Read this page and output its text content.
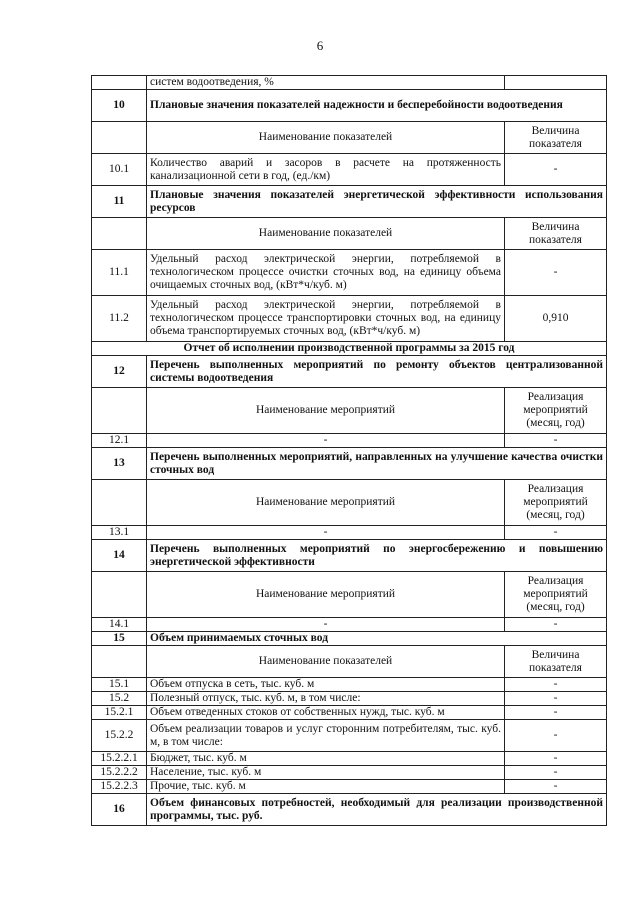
6
	систем водоотведения, %	
10	Плановые значения показателей надежности и бесперебойности водоотведения	
	Наименование показателей	Величина показателя
10.1	Количество аварий и засоров в расчете на протяженность канализационной сети в год, (ед./км)	-
11	Плановые значения показателей энергетической эффективности использования ресурсов	
	Наименование показателей	Величина показателя
11.1	Удельный расход электрической энергии, потребляемой в технологическом процессе очистки сточных вод, на единицу объема очищаемых сточных вод, (кВт*ч/куб. м)	-
11.2	Удельный расход электрической энергии, потребляемой в технологическом процессе транспортировки сточных вод, на единицу объема транспортируемых сточных вод, (кВт*ч/куб. м)	0,910
Отчет об исполнении производственной программы за 2015 год		
12	Перечень выполненных мероприятий по ремонту объектов централизованной системы водоотведения	
	Наименование мероприятий	Реализация мероприятий (месяц, год)
12.1	-	-
13	Перечень выполненных мероприятий, направленных на улучшение качества очистки сточных вод	
	Наименование мероприятий	Реализация мероприятий (месяц, год)
13.1	-	-
14	Перечень выполненных мероприятий по энергосбережению и повышению энергетической эффективности	
	Наименование мероприятий	Реализация мероприятий (месяц, год)
14.1	-	-
15	Объем принимаемых сточных вод	
	Наименование показателей	Величина показателя
15.1	Объем отпуска в сеть, тыс. куб. м	-
15.2	Полезный отпуск, тыс. куб. м, в том числе:	-
15.2.1	Объем отведенных стоков от собственных нужд, тыс. куб. м	-
15.2.2	Объем реализации товаров и услуг сторонним потребителям, тыс. куб. м, в том числе:	-
15.2.2.1	Бюджет, тыс. куб. м	-
15.2.2.2	Население, тыс. куб. м	-
15.2.2.3	Прочие, тыс. куб. м	-
16	Объем финансовых потребностей, необходимый для реализации производственной программы, тыс. руб.	
